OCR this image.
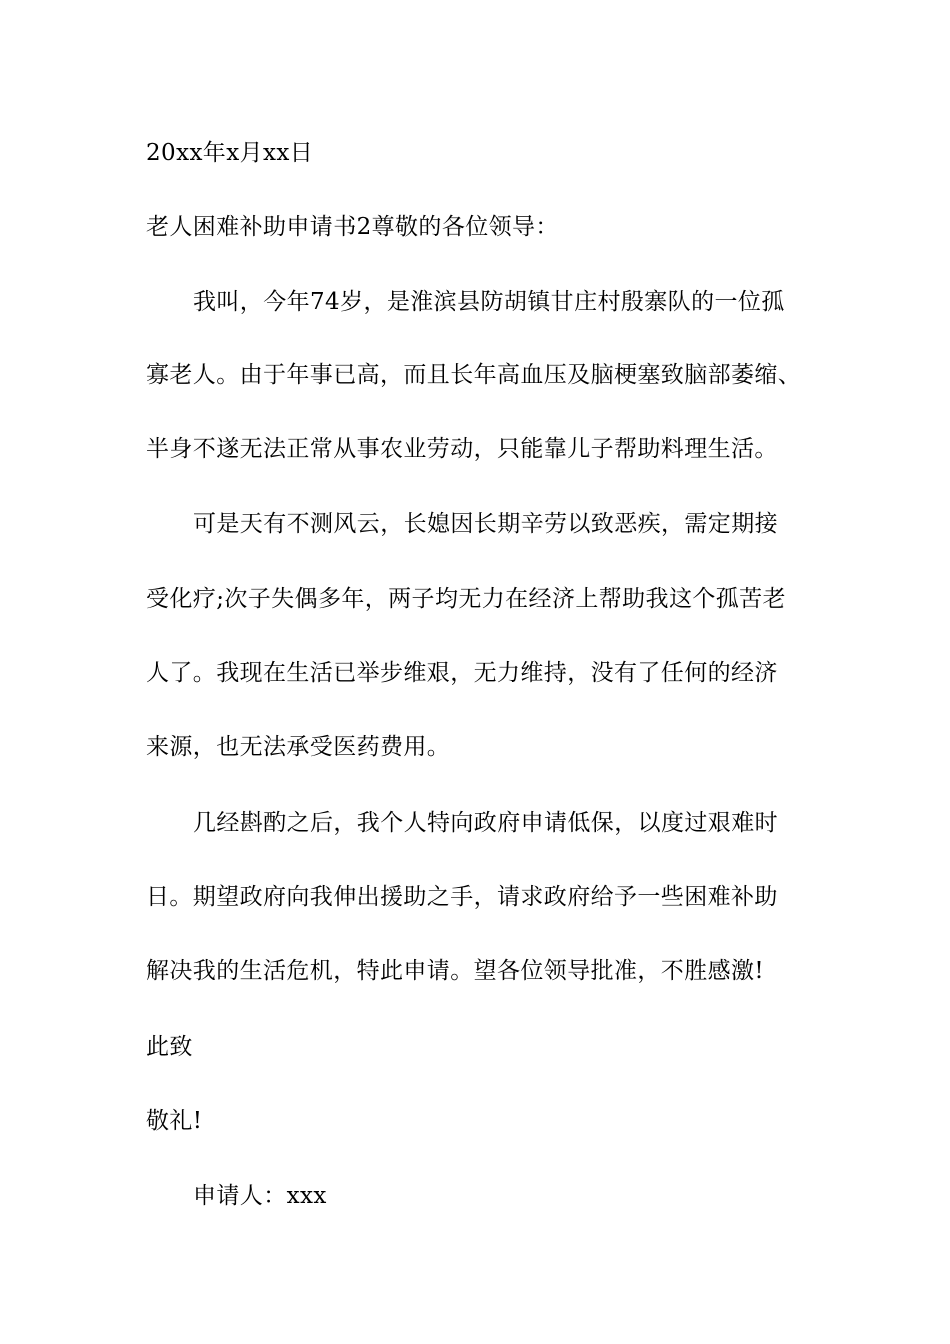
20xx年x月xx日
老人困难补助申请书2尊敬的各位领导：
我叫，今年74岁，是淮滨县防胡镇甘庄村殷寨队的一位孤
寡老人。由于年事已高，而且长年高血压及脑梗塞致脑部萎缩、
半身不遂无法正常从事农业劳动，只能靠儿子帮助料理生活。
可是天有不测风云，长媳因长期辛劳以致恶疾，需定期接
受化疗;次子失偶多年，两子均无力在经济上帮助我这个孤苦老
人了。我现在生活已举步维艰，无力维持，没有了任何的经济
来源，也无法承受医药费用。
几经斟酌之后，我个人特向政府申请低保，以度过艰难时
日。期望政府向我伸出援助之手，请求政府给予一些困难补助
解决我的生活危机，特此申请。望各位领导批准，不胜感激!
此致
敬礼!
申请人：xxx
